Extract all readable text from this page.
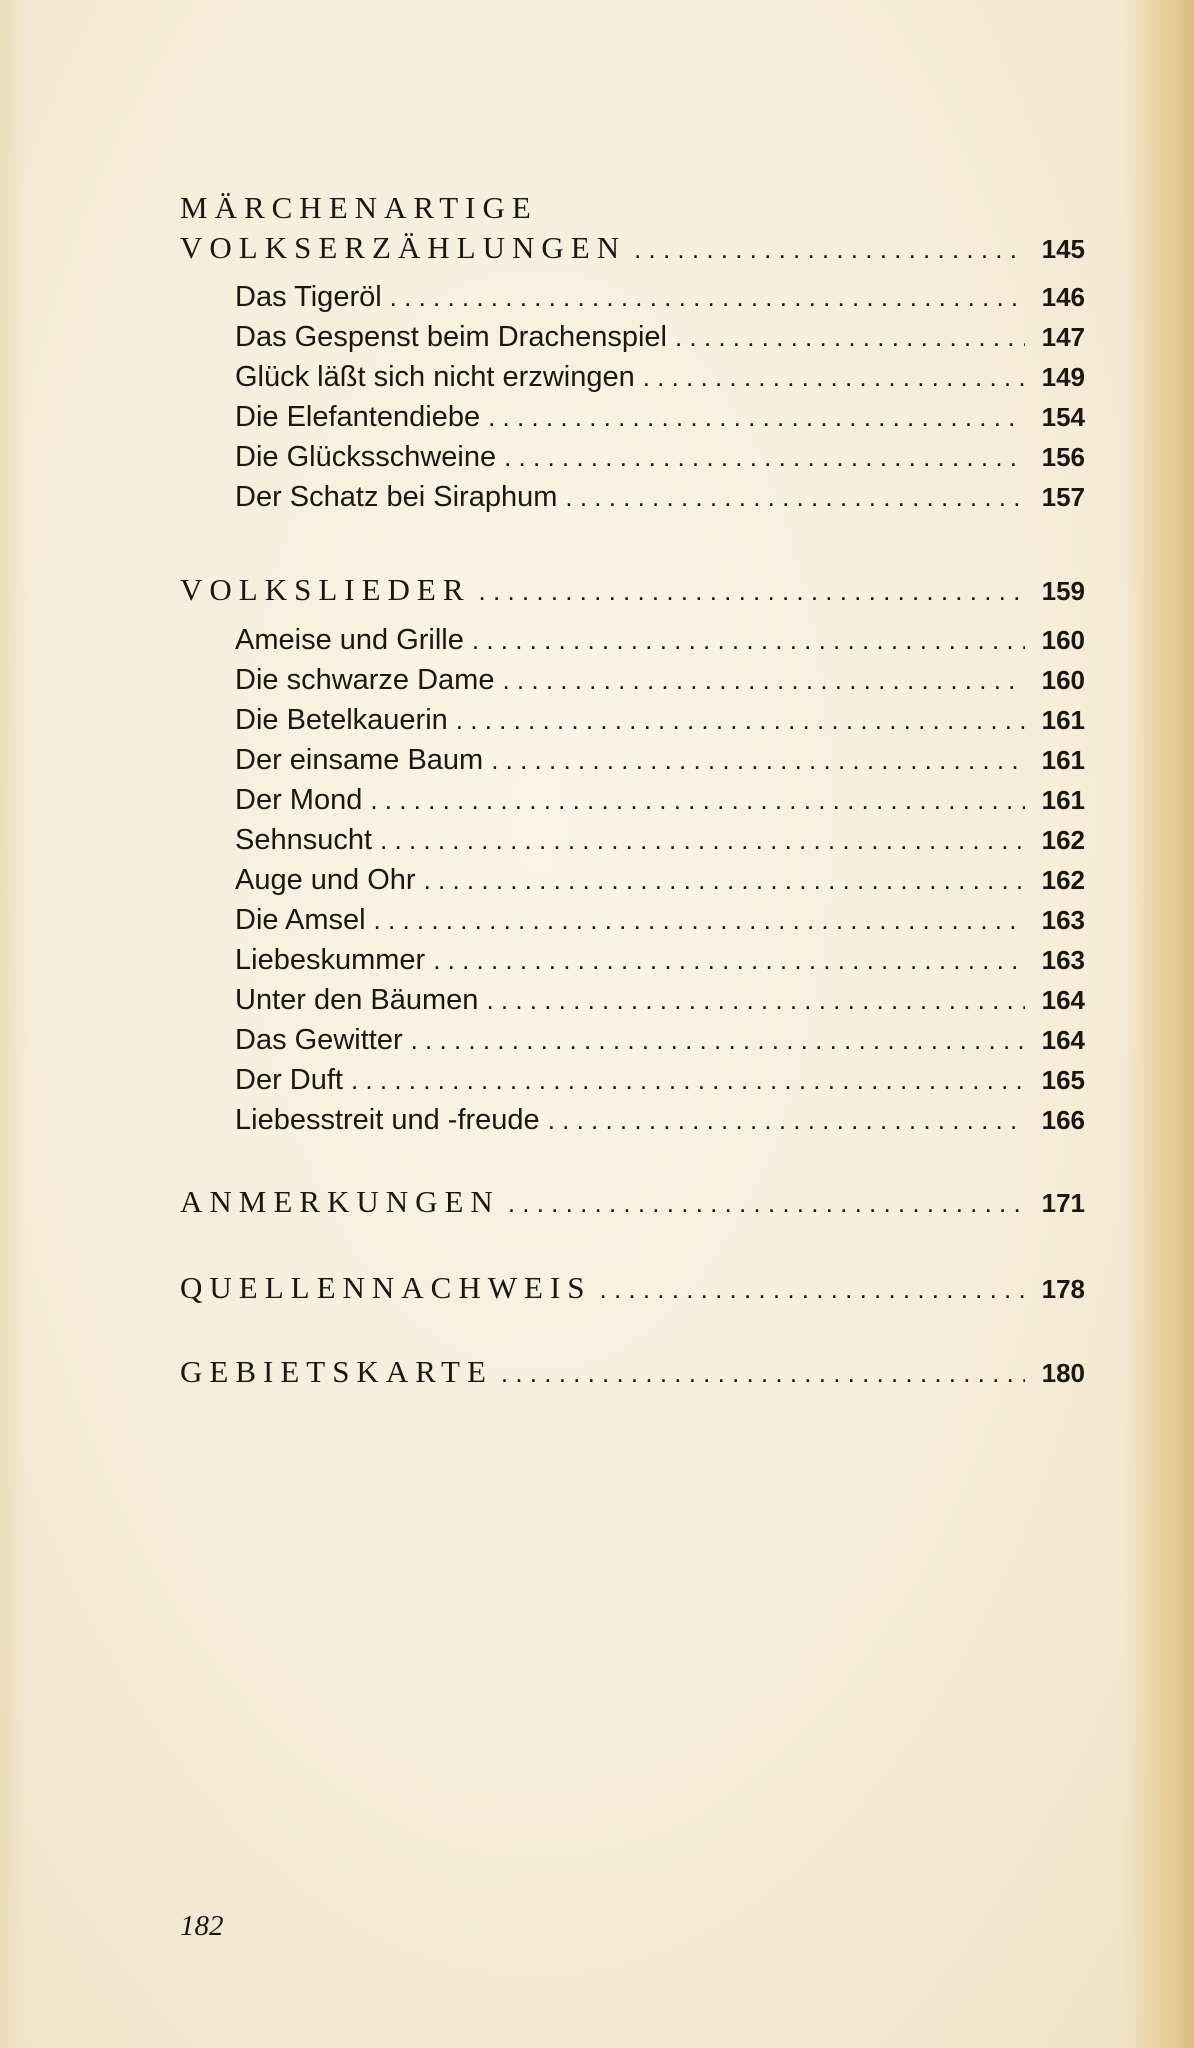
MÄRCHENARTIGE
VOLKSERZÄHLUNGEN . . .	145
Das Tigeröl . . .	146
Das Gespenst beim Drachenspiel . . .	147
Glück läßt sich nicht erzwingen . . .	149
Die Elefantendiebe . . .	154
Die Glücksschweine . . .	156
Der Schatz bei Siraphum . . .	157
VOLKSLIEDER . . .	159
Ameise und Grille . . .	160
Die schwarze Dame . . .	160
Die Betelkauerin . . .	161
Der einsame Baum . . .	161
Der Mond . . .	161
Sehnsucht . . .	162
Auge und Ohr . . .	162
Die Amsel . . .	163
Liebeskummer . . .	163
Unter den Bäumen . . .	164
Das Gewitter . . .	164
Der Duft . . .	165
Liebesstreit und -freude . . .	166
ANMERKUNGEN . . .	171
QUELLENNACHWEIS . . .	178
GEBIETSKARTE . . .	180
182
